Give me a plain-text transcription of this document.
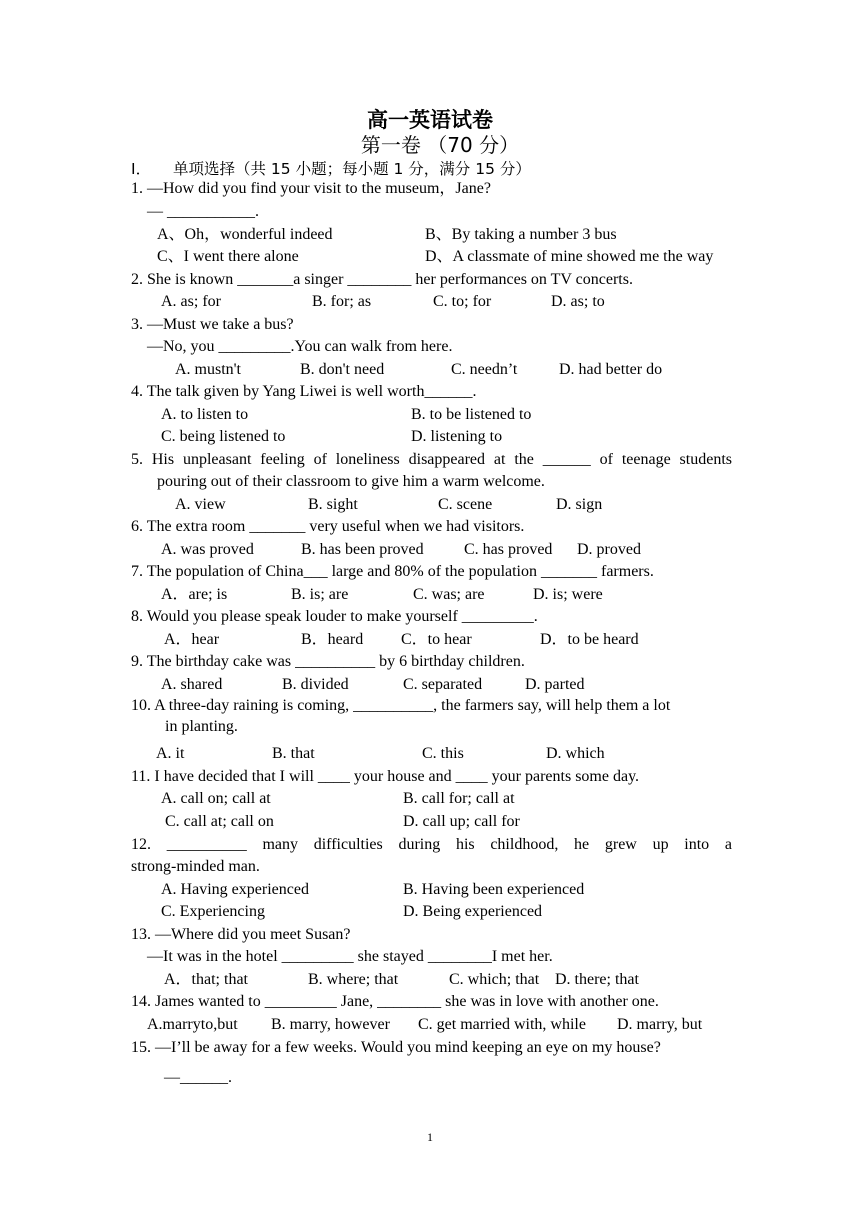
高一英语试卷
第一卷 （70 分）
I． 单项选择（共 15 小题；每小题 1 分，满分 15 分）
1. —How did you find your visit to the museum，Jane?
— ___________.
A、Oh，wonderful indeed	B、By taking a number 3 bus
C、I went there alone	D、A classmate of mine showed me the way
2. She is known _______a singer ________ her performances on TV concerts.
A. as; for	B. for; as	C. to; for	D. as; to
3. —Must we take a bus?
—No, you _________.You can walk from here.
A. mustn't	B. don't need	C. needn’t	D. had better do
4. The talk given by Yang Liwei is well worth______.
A. to listen to	B. to be listened to
C. being listened to	D. listening to
5. His unpleasant feeling of loneliness disappeared at the ______ of teenage students
pouring out of their classroom to give him a warm welcome.
A. view	B. sight	C. scene	D. sign
6. The extra room _______ very useful when we had visitors.
A. was proved	B. has been proved	C. has proved D. proved
7. The population of China___ large and 80% of the population _______ farmers.
A．are; is	B. is; are	C. was; are	D. is; were
8. Would you please speak louder to make yourself _________.
A．hear	B．heard C．to hear	D．to be heard
9. The birthday cake was __________ by 6 birthday children.
A. shared	B. divided	C. separated	D. parted
10. A three-day raining is coming, __________, the farmers say, will help them a lot
in planting.
A. it	B. that	C. this	D. which
11. I have decided that I will ____ your house and ____ your parents some day.
A. call on; call at	B. call for; call at
C. call at; call on	D. call up; call for
12. __________ many difficulties during his childhood, he grew up into a
strong-minded man.
A. Having experienced	B. Having been experienced
C. Experiencing	D. Being experienced
13. —Where did you meet Susan?
—It was in the hotel _________ she stayed ________I met her.
A．that; that	B. where; that	C. which; that D. there; that
14. James wanted to _________ Jane, ________ she was in love with another one.
A.marryto,but B. marry, however C. get married with, while D. marry, but
15. —I’ll be away for a few weeks. Would you mind keeping an eye on my house?
—______.
1
